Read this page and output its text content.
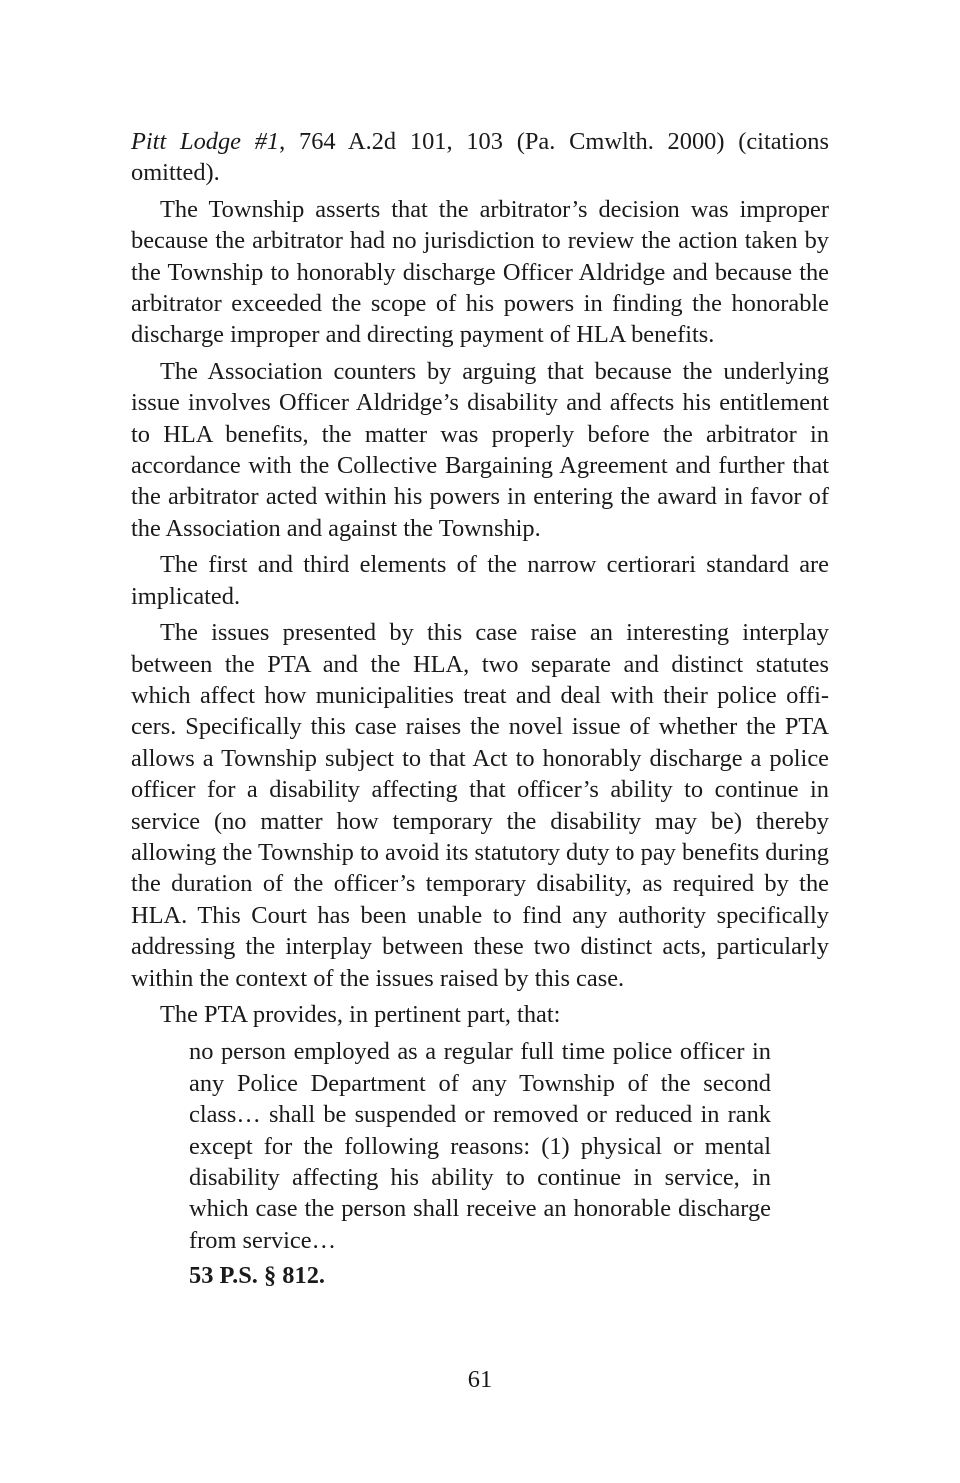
Pitt Lodge #1, 764 A.2d 101, 103 (Pa. Cmwlth. 2000) (citations omitted).

The Township asserts that the arbitrator’s decision was improper because the arbitrator had no jurisdiction to review the action taken by the Township to honorably discharge Officer Aldridge and because the arbitrator exceeded the scope of his powers in finding the honorable discharge improper and directing payment of HLA benefits.

The Association counters by arguing that because the underlying issue involves Officer Aldridge’s disability and affects his entitlement to HLA benefits, the matter was properly before the arbitrator in accordance with the Collective Bargaining Agreement and further that the arbitrator acted within his powers in entering the award in favor of the Association and against the Township.

The first and third elements of the narrow certiorari standard are implicated.

The issues presented by this case raise an interesting interplay between the PTA and the HLA, two separate and distinct statutes which affect how municipalities treat and deal with their police officers. Specifically this case raises the novel issue of whether the PTA allows a Township subject to that Act to honorably discharge a police officer for a disability affecting that officer’s ability to continue in service (no matter how temporary the disability may be) thereby allowing the Township to avoid its statutory duty to pay benefits during the duration of the officer’s temporary disability, as required by the HLA. This Court has been unable to find any authority specifically addressing the interplay between these two distinct acts, particularly within the context of the issues raised by this case.

The PTA provides, in pertinent part, that:

no person employed as a regular full time police officer in any Police Department of any Township of the second class… shall be suspended or removed or reduced in rank except for the following reasons: (1) physical or mental disability affecting his ability to continue in service, in which case the person shall receive an honorable discharge from service…

53 P.S. § 812.

61
